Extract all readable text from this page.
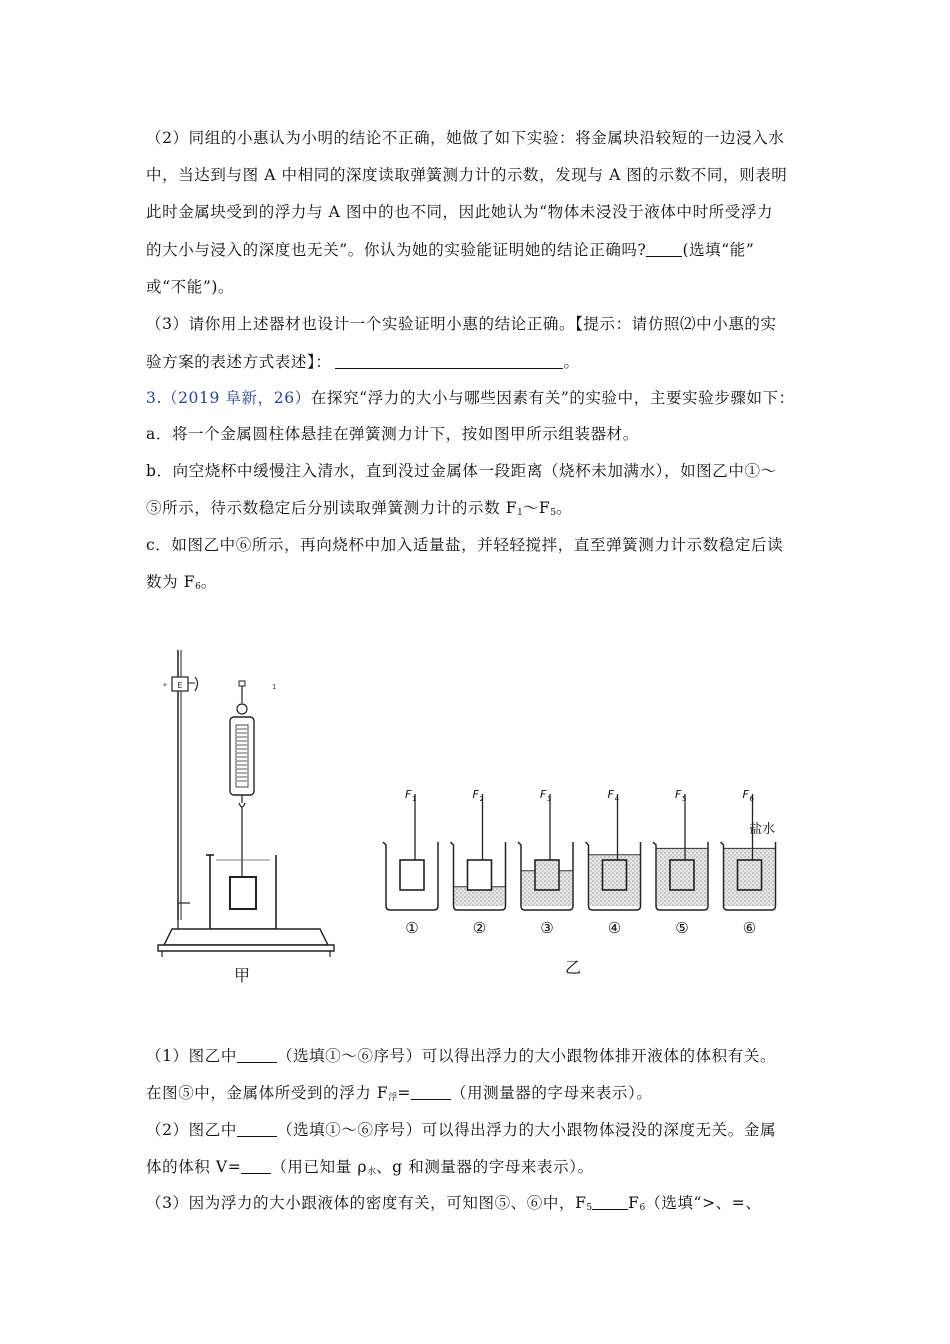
（2）同组的小惠认为小明的结论不正确，她做了如下实验：将金属块沿较短的一边浸入水
中，当达到与图 A 中相同的深度读取弹簧测力计的示数，发现与 A 图的示数不同，则表明
此时金属块受到的浮力与 A 图中的也不同，因此她认为“物体未浸没于液体中时所受浮力
的大小与浸入的深度也无关”。你认为她的实验能证明她的结论正确吗? (选填“能”
或“不能”)。
（3）请你用上述器材也设计一个实验证明小惠的结论正确。【提示：请仿照⑵中小惠的实
验方案的表述方式表述】：	。
3.（2019 阜新，26）在探究“浮力的大小与哪些因素有关”的实验中，主要实验步骤如下：
a．将一个金属圆柱体悬挂在弹簧测力计下，按如图甲所示组装器材。
b．向空烧杯中缓慢注入清水，直到没过金属体一段距离（烧杯未加满水），如图乙中①～
⑤所示，待示数稳定后分别读取弹簧测力计的示数 $F_1\sim F_5$。
c．如图乙中⑥所示，再向烧杯中加入适量盐，并轻轻搅拌，直至弹簧测力计示数稳定后读
数为 $F_6$。
E
+ -	1
甲
F 1
①
F 2
②
F 3
③
F 4
④
F 5
⑤
F 6
⑥
盐水
乙
（1）图乙中	（选填①～⑥序号）可以得出浮力的大小跟物体排开液体的体积有关。
在图⑤中，金属体所受到的浮力 $F_浮=$	（用测量器的字母来表示）。
（2）图乙中	（选填①～⑥序号）可以得出浮力的大小跟物体浸没的深度无关。金属
体的体积 V= （用已知量 $\rho_水$、g 和测量器的字母来表示）。
（3）因为浮力的大小跟液体的密度有关，可知图⑤、⑥中，$F_5$ $F_6$（选填“>、=、
